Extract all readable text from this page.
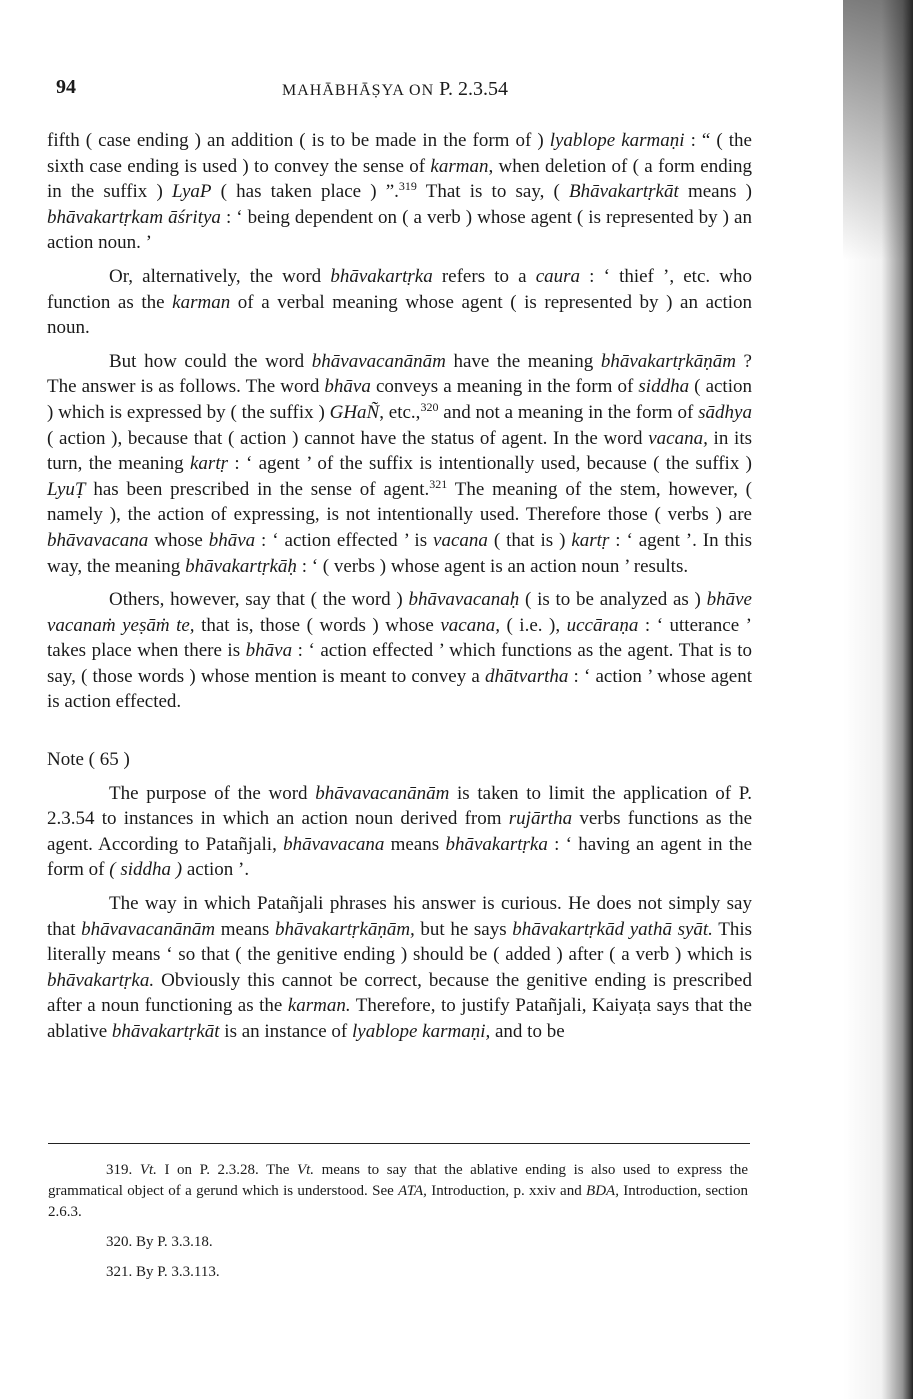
94	MAHĀBHĀṢYA ON P. 2.3.54

fifth ( case ending ) an addition ( is to be made in the form of ) lyablope karmaṇi : “ ( the sixth case ending is used ) to convey the sense of karman, when deletion of ( a form ending in the suffix ) LyaP ( has taken place ) ”.$^{319}$ That is to say, ( Bhāvakartṛkāt means ) bhāvakartṛkam āśritya : ‘ being dependent on ( a verb ) whose agent ( is represented by ) an action noun. ’

Or, alternatively, the word bhāvakartṛka refers to a caura : ‘ thief ’, etc. who function as the karman of a verbal meaning whose agent ( is represented by ) an action noun.

But how could the word bhāvavacanānām have the meaning bhāvakartṛkāṇām ? The answer is as follows. The word bhāva conveys a meaning in the form of siddha ( action ) which is expressed by ( the suffix ) GHaÑ, etc.,$^{320}$ and not a meaning in the form of sādhya ( action ), because that ( action ) cannot have the status of agent. In the word vacana, in its turn, the meaning kartṛ : ‘ agent ’ of the suffix is intentionally used, because ( the suffix ) LyuṬ has been prescribed in the sense of agent.$^{321}$ The meaning of the stem, however, ( namely ), the action of expressing, is not intentionally used. Therefore those ( verbs ) are bhāvavacana whose bhāva : ‘ action effected ’ is vacana ( that is ) kartṛ : ‘ agent ’. In this way, the meaning bhāvakartṛkāḥ : ‘ ( verbs ) whose agent is an action noun ’ results.

Others, however, say that ( the word ) bhāvavacanaḥ ( is to be analyzed as ) bhāve vacanaṁ yeṣāṁ te, that is, those ( words ) whose vacana, ( i.e. ), uccāraṇa : ‘ utterance ’ takes place when there is bhāva : ‘ action effected ’ which functions as the agent. That is to say, ( those words ) whose mention is meant to convey a dhātvartha : ‘ action ’ whose agent is action effected.

Note ( 65 )

The purpose of the word bhāvavacanānām is taken to limit the application of P. 2.3.54 to instances in which an action noun derived from rujārtha verbs functions as the agent. According to Patañjali, bhāvavacana means bhāvakartṛka : ‘ having an agent in the form of ( siddha ) action ’.

The way in which Patañjali phrases his answer is curious. He does not simply say that bhāvavacanānām means bhāvakartṛkāṇām, but he says bhāvakartṛkād yathā syāt. This literally means ‘ so that ( the genitive ending ) should be ( added ) after ( a verb ) which is bhāvakartṛka. Obviously this cannot be correct, because the genitive ending is prescribed after a noun functioning as the karman. Therefore, to justify Patañjali, Kaiyaṭa says that the ablative bhāvakartṛkāt is an instance of lyablope karmaṇi, and to be

319. Vt. I on P. 2.3.28. The Vt. means to say that the ablative ending is also used to express the grammatical object of a gerund which is understood. See ATA, Introduction, p. xxiv and BDA, Introduction, section 2.6.3.

320. By P. 3.3.18.

321. By P. 3.3.113.
